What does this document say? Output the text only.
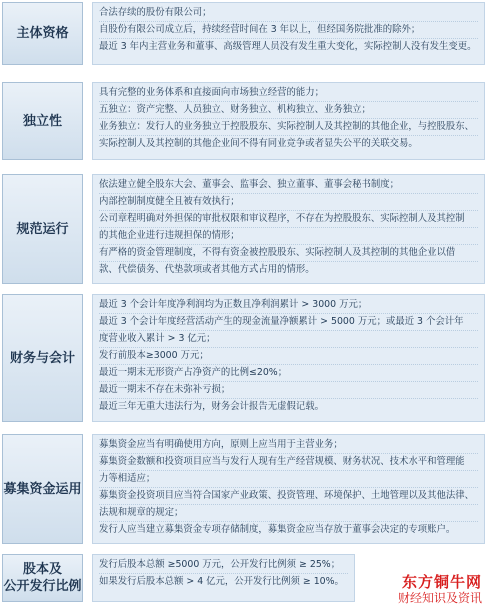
主体资格
合法存续的股份有限公司；
自股份有限公司成立后，持续经营时间在 3 年以上，但经国务院批准的除外；
最近 3 年内主营业务和董事、高级管理人员没有发生重大变化，实际控制人没有发生变更。
独立性
具有完整的业务体系和直接面向市场独立经营的能力；
五独立：资产完整、人员独立、财务独立、机构独立、业务独立；
业务独立：发行人的业务独立于控股股东、实际控制人及其控制的其他企业，与控股股东、
实际控制人及其控制的其他企业间不得有同业竞争或者显失公平的关联交易。
规范运行
依法建立健全股东大会、董事会、监事会、独立董事、董事会秘书制度；
内部控制制度健全且被有效执行；
公司章程明确对外担保的审批权限和审议程序，不存在为控股股东、实际控制人及其控制
的其他企业进行违规担保的情形；
有严格的资金管理制度，不得有资金被控股股东、实际控制人及其控制的其他企业以借
款、代偿债务、代垫款项或者其他方式占用的情形。
财务与会计
最近 3 个会计年度净利润均为正数且净利润累计 > 3000 万元；
最近 3 个会计年度经营活动产生的现金流量净额累计 > 5000 万元；或最近 3 个会计年
度营业收入累计 > 3 亿元；
发行前股本≥3000 万元；
最近一期末无形资产占净资产的比例≤20%；
最近一期末不存在未弥补亏损；
最近三年无重大违法行为，财务会计报告无虚假记载。
募集资金运用
募集资金应当有明确使用方向，原则上应当用于主营业务；
募集资金数额和投资项目应当与发行人现有生产经营规模、财务状况、技术水平和管理能
力等相适应；
募集资金投资项目应当符合国家产业政策、投资管理、环境保护、土地管理以及其他法律、
法规和规章的规定；
发行人应当建立募集资金专项存储制度，募集资金应当存放于董事会决定的专项账户。
股本及
公开发行比例
发行后股本总额 ≥5000 万元，公开发行比例须 ≥ 25%；
如果发行后股本总额 > 4 亿元，公开发行比例须 ≥ 10%。	东方铜牛网
财经知识及资讯
